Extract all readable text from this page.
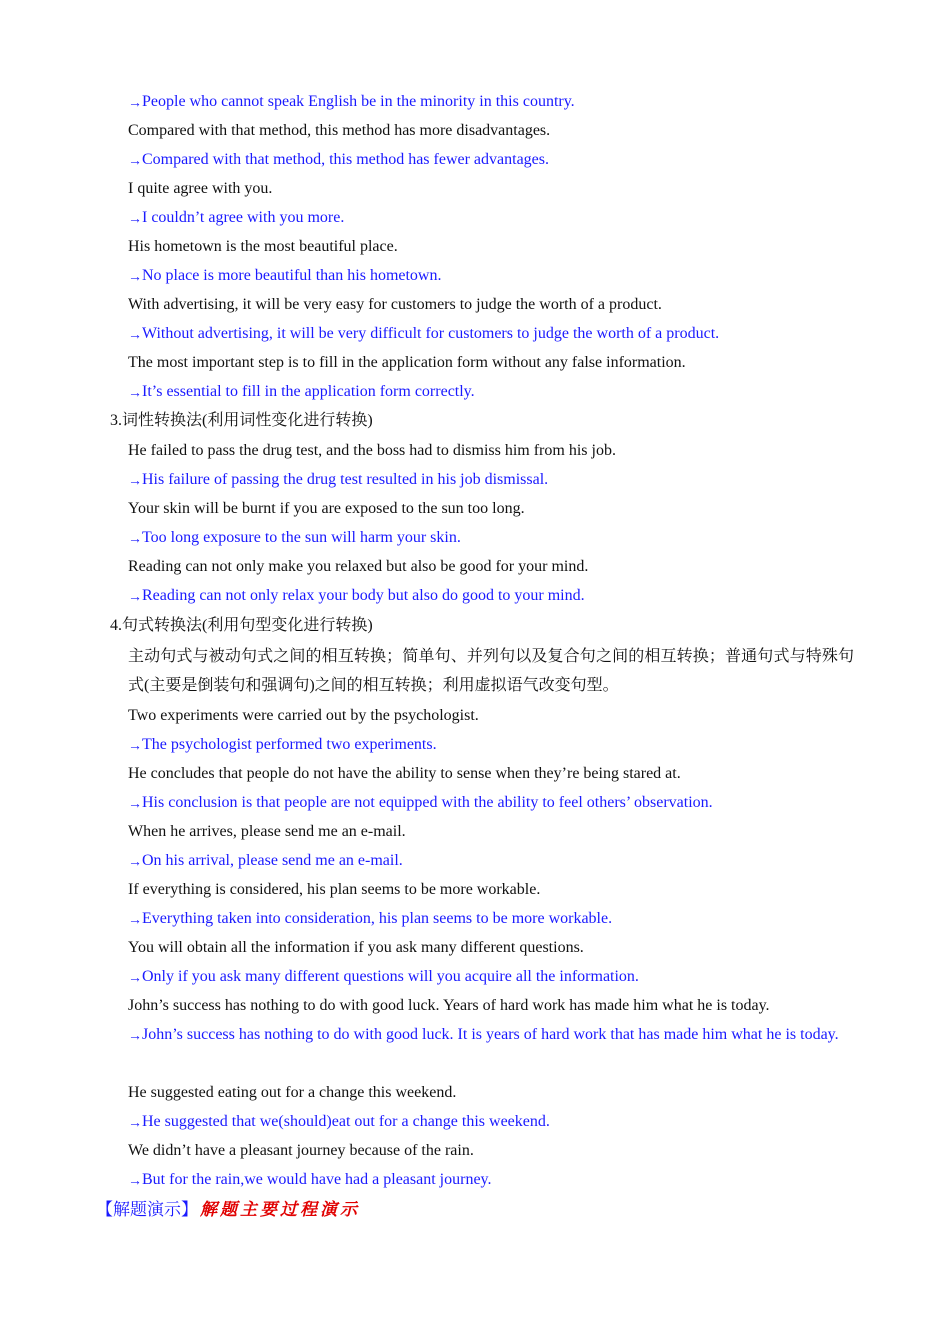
→People who cannot speak English be in the minority in this country.
Compared with that method, this method has more disadvantages.
→Compared with that method, this method has fewer advantages.
I quite agree with you.
→I couldn’t agree with you more.
His hometown is the most beautiful place.
→No place is more beautiful than his hometown.
With advertising, it will be very easy for customers to judge the worth of a product.
→Without advertising, it will be very difficult for customers to judge the worth of a product.
The most important step is to fill in the application form without any false information.
→It’s essential to fill in the application form correctly.
3.词性转换法(利用词性变化进行转换)
He failed to pass the drug test, and the boss had to dismiss him from his job.
→His failure of passing the drug test resulted in his job dismissal.
Your skin will be burnt if you are exposed to the sun too long.
→Too long exposure to the sun will harm your skin.
Reading can not only make you relaxed but also be good for your mind.
→Reading can not only relax your body but also do good to your mind.
4.句式转换法(利用句型变化进行转换)
主动句式与被动句式之间的相互转换；简单句、并列句以及复合句之间的相互转换；普通句式与特殊句式(主要是倒装句和强调句)之间的相互转换；利用虚拟语气改变句型。
Two experiments were carried out by the psychologist.
→The psychologist performed two experiments.
He concludes that people do not have the ability to sense when they’re being stared at.
→His conclusion is that people are not equipped with the ability to feel others’ observation.
When he arrives, please send me an e-mail.
→On his arrival, please send me an e-mail.
If everything is considered, his plan seems to be more workable.
→Everything taken into consideration, his plan seems to be more workable.
You will obtain all the information if you ask many different questions.
→Only if you ask many different questions will you acquire all the information.
John’s success has nothing to do with good luck. Years of hard work has made him what he is today.
→John’s success has nothing to do with good luck. It is years of hard work that has made him what he is today.
He suggested eating out for a change this weekend.
→He suggested that we(should)eat out for a change this weekend.
We didn’t have a pleasant journey because of the rain.
→But for the rain,we would have had a pleasant journey.
【解题演示】 解题主要过程演示
